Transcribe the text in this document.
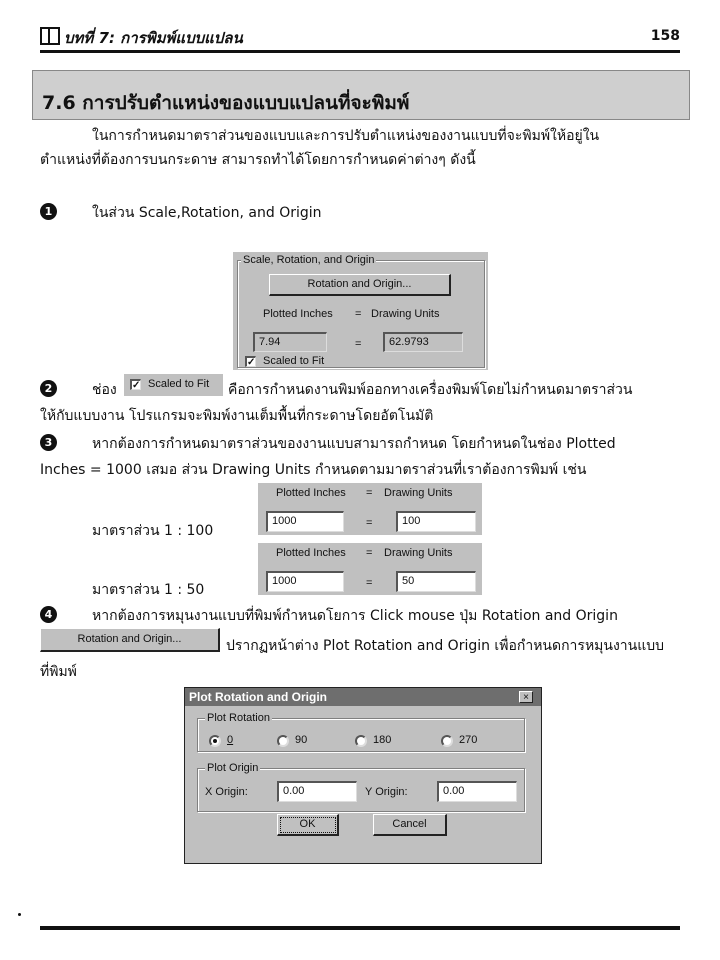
บทที่ 7: การพิมพ์แบบแปลน	158
7.6 การปรับตำแหน่งของแบบแปลนที่จะพิมพ์
ในการกำหนดมาตราส่วนของแบบและการปรับตำแหน่งของงานแบบที่จะพิมพ์ให้อยู่ใน
ตำแหน่งที่ต้องการบนกระดาษ สามารถทำได้โดยการกำหนดค่าต่างๆ ดังนี้
1	ในส่วน Scale,Rotation, and Origin
Scale, Rotation, and Origin
Rotation and Origin...
Plotted Inches = Drawing Units
7.94	=	62.9793
✓ Scaled to Fit
2	ช่อง ✓ Scaled to Fit คือการกำหนดงานพิมพ์ออกทางเครื่องพิมพ์โดยไม่กำหนดมาตราส่วน
ให้กับแบบงาน โปรแกรมจะพิมพ์งานเต็มพื้นที่กระดาษโดยอัตโนมัติ
3	หากต้องการกำหนดมาตราส่วนของงานแบบสามารถกำหนด โดยกำหนดในช่อง Plotted
Inches = 1000 เสมอ ส่วน Drawing Units กำหนดตามมาตราส่วนที่เราต้องการพิมพ์ เช่น
มาตราส่วน 1 : 100
Plotted Inches = Drawing Units
1000	=	100
มาตราส่วน 1 : 50
Plotted Inches = Drawing Units
1000	=	50
4	หากต้องการหมุนงานแบบที่พิมพ์กำหนดโยการ Click mouse ปุ่ม Rotation and Origin
Rotation and Origin...	ปรากฏหน้าต่าง Plot Rotation and Origin เพื่อกำหนดการหมุนงานแบบ
ที่พิมพ์
Plot Rotation and Origin	×
Plot Rotation
0	90	180	270
Plot Origin
X Origin:	0.00	Y Origin:	0.00
OK	Cancel
